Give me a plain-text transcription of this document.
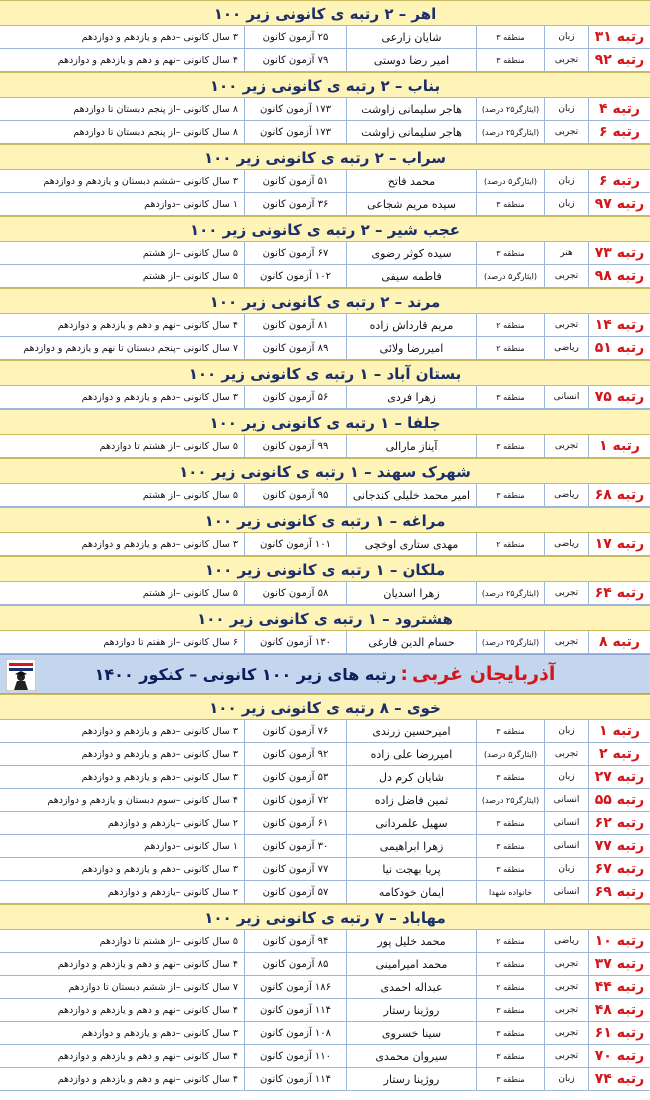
اهر – ۲ رتبه ی کانونی زیر ۱۰۰
رتبه ۳۱
زبان
منطقه ۳
شایان زارعی
۲۵ آزمون کانون
۳ سال کانونی –دهم و یازدهم و دوازدهم
رتبه ۹۲
تجربی
منطقه ۳
امیر رضا دوستی
۷۹ آزمون کانون
۴ سال کانونی –نهم و دهم و یازدهم و دوازدهم
بناب – ۲ رتبه ی کانونی زیر ۱۰۰
رتبه ۴
زبان
(ایثارگر۲۵ درصد)
هاجر سلیمانی زاوشت
۱۷۳ آزمون کانون
۸ سال کانونی –از پنجم دبستان تا دوازدهم
رتبه ۶
تجربی
(ایثارگر۲۵ درصد)
هاجر سلیمانی زاوشت
۱۷۳ آزمون کانون
۸ سال کانونی –از پنجم دبستان تا دوازدهم
سراب – ۲ رتبه ی کانونی زیر ۱۰۰
رتبه ۶
زبان
(ایثارگر۵ درصد)
محمد فاتح
۵۱ آزمون کانون
۳ سال کانونی –ششم دبستان و یازدهم و دوازدهم
رتبه ۹۷
زبان
منطقه ۳
سیده مریم شجاعی
۳۶ آزمون کانون
۱ سال کانونی –دوازدهم
عجب شیر – ۲ رتبه ی کانونی زیر ۱۰۰
رتبه ۷۳
هنر
منطقه ۳
سیده کوثر رضوی
۶۷ آزمون کانون
۵ سال کانونی –از هشتم
رتبه ۹۸
تجربی
(ایثارگر۵ درصد)
فاطمه سیفی
۱۰۲ آزمون کانون
۵ سال کانونی –از هشتم
مرند – ۲ رتبه ی کانونی زیر ۱۰۰
رتبه ۱۴
تجربی
منطقه ۲
مریم قارداش زاده
۸۱ آزمون کانون
۴ سال کانونی –نهم و دهم و یازدهم و دوازدهم
رتبه ۵۱
ریاضی
منطقه ۲
امیررضا ولائی
۸۹ آزمون کانون
۷ سال کانونی –پنجم دبستان تا نهم و یازدهم و دوازدهم
بستان آباد – ۱ رتبه ی کانونی زیر ۱۰۰
رتبه ۷۵
انسانی
منطقه ۳
زهرا فردی
۵۶ آزمون کانون
۳ سال کانونی –دهم و یازدهم و دوازدهم
جلفا – ۱ رتبه ی کانونی زیر ۱۰۰
رتبه ۱
تجربی
منطقه ۳
آیناز مارالی
۹۹ آزمون کانون
۵ سال کانونی –از هشتم تا دوازدهم
شهرک سهند – ۱ رتبه ی کانونی زیر ۱۰۰
رتبه ۶۸
ریاضی
منطقه ۳
امیر محمد خلیلی کندجانی
۹۵ آزمون کانون
۵ سال کانونی –از هشتم
مراغه – ۱ رتبه ی کانونی زیر ۱۰۰
رتبه ۱۷
ریاضی
منطقه ۲
مهدی ستاری اوخچی
۱۰۱ آزمون کانون
۳ سال کانونی –دهم و یازدهم و دوازدهم
ملکان – ۱ رتبه ی کانونی زیر ۱۰۰
رتبه ۶۴
تجربی
(ایثارگر۲۵ درصد)
زهرا اسدیان
۵۸ آزمون کانون
۵ سال کانونی –از هشتم
هشترود – ۱ رتبه ی کانونی زیر ۱۰۰
رتبه ۸
تجربی
(ایثارگر۲۵ درصد)
حسام الدین فارغی
۱۳۰ آزمون کانون
۶ سال کانونی –از هفتم تا دوازدهم
آذربایجان غربی
:
رتبه های زیر ۱۰۰ کانونی – کنکور ۱۴۰۰
خوی – ۸ رتبه ی کانونی زیر ۱۰۰
رتبه ۱
زبان
منطقه ۳
امیرحسین زرندی
۷۶ آزمون کانون
۳ سال کانونی –دهم و یازدهم و دوازدهم
رتبه ۲
تجربی
(ایثارگر۵ درصد)
امیررضا علی زاده
۹۲ آزمون کانون
۳ سال کانونی –دهم و یازدهم و دوازدهم
رتبه ۲۷
زبان
منطقه ۳
شایان کرم دل
۵۳ آزمون کانون
۳ سال کانونی –دهم و یازدهم و دوازدهم
رتبه ۵۵
انسانی
(ایثارگر۲۵ درصد)
ثمین فاضل زاده
۷۲ آزمون کانون
۴ سال کانونی –سوم دبستان و یازدهم و دوازدهم
رتبه ۶۲
انسانی
منطقه ۳
سهیل علمردانی
۶۱ آزمون کانون
۲ سال کانونی –یازدهم و دوازدهم
رتبه ۷۷
انسانی
منطقه ۳
زهرا ابراهیمی
۳۰ آزمون کانون
۱ سال کانونی –دوازدهم
رتبه ۶۷
زبان
منطقه ۳
پریا بهجت نیا
۷۷ آزمون کانون
۳ سال کانونی –دهم و یازدهم و دوازدهم
رتبه ۶۹
انسانی
خانواده شهدا
ایمان خودکامه
۵۷ آزمون کانون
۲ سال کانونی –یازدهم و دوازدهم
مهاباد – ۷ رتبه ی کانونی زیر ۱۰۰
رتبه ۱۰
ریاضی
منطقه ۲
محمد خلیل پور
۹۴ آزمون کانون
۵ سال کانونی –از هشتم تا دوازدهم
رتبه ۳۷
تجربی
منطقه ۲
محمد امیرامینی
۸۵ آزمون کانون
۴ سال کانونی –نهم و دهم و یازدهم و دوازدهم
رتبه ۴۴
تجربی
منطقه ۲
عبداله احمدی
۱۸۶ آزمون کانون
۷ سال کانونی –از ششم دبستان تا دوازدهم
رتبه ۴۸
تجربی
منطقه ۳
روژینا رستار
۱۱۴ آزمون کانون
۴ سال کانونی –نهم و دهم و یازدهم و دوازدهم
رتبه ۶۱
تجربی
منطقه ۳
سینا خسروی
۱۰۸ آزمون کانون
۳ سال کانونی –دهم و یازدهم و دوازدهم
رتبه ۷۰
تجربی
منطقه ۳
سیروان محمدی
۱۱۰ آزمون کانون
۴ سال کانونی –نهم و دهم و یازدهم و دوازدهم
رتبه ۷۴
زبان
منطقه ۳
روژینا رستار
۱۱۴ آزمون کانون
۴ سال کانونی –نهم و دهم و یازدهم و دوازدهم
